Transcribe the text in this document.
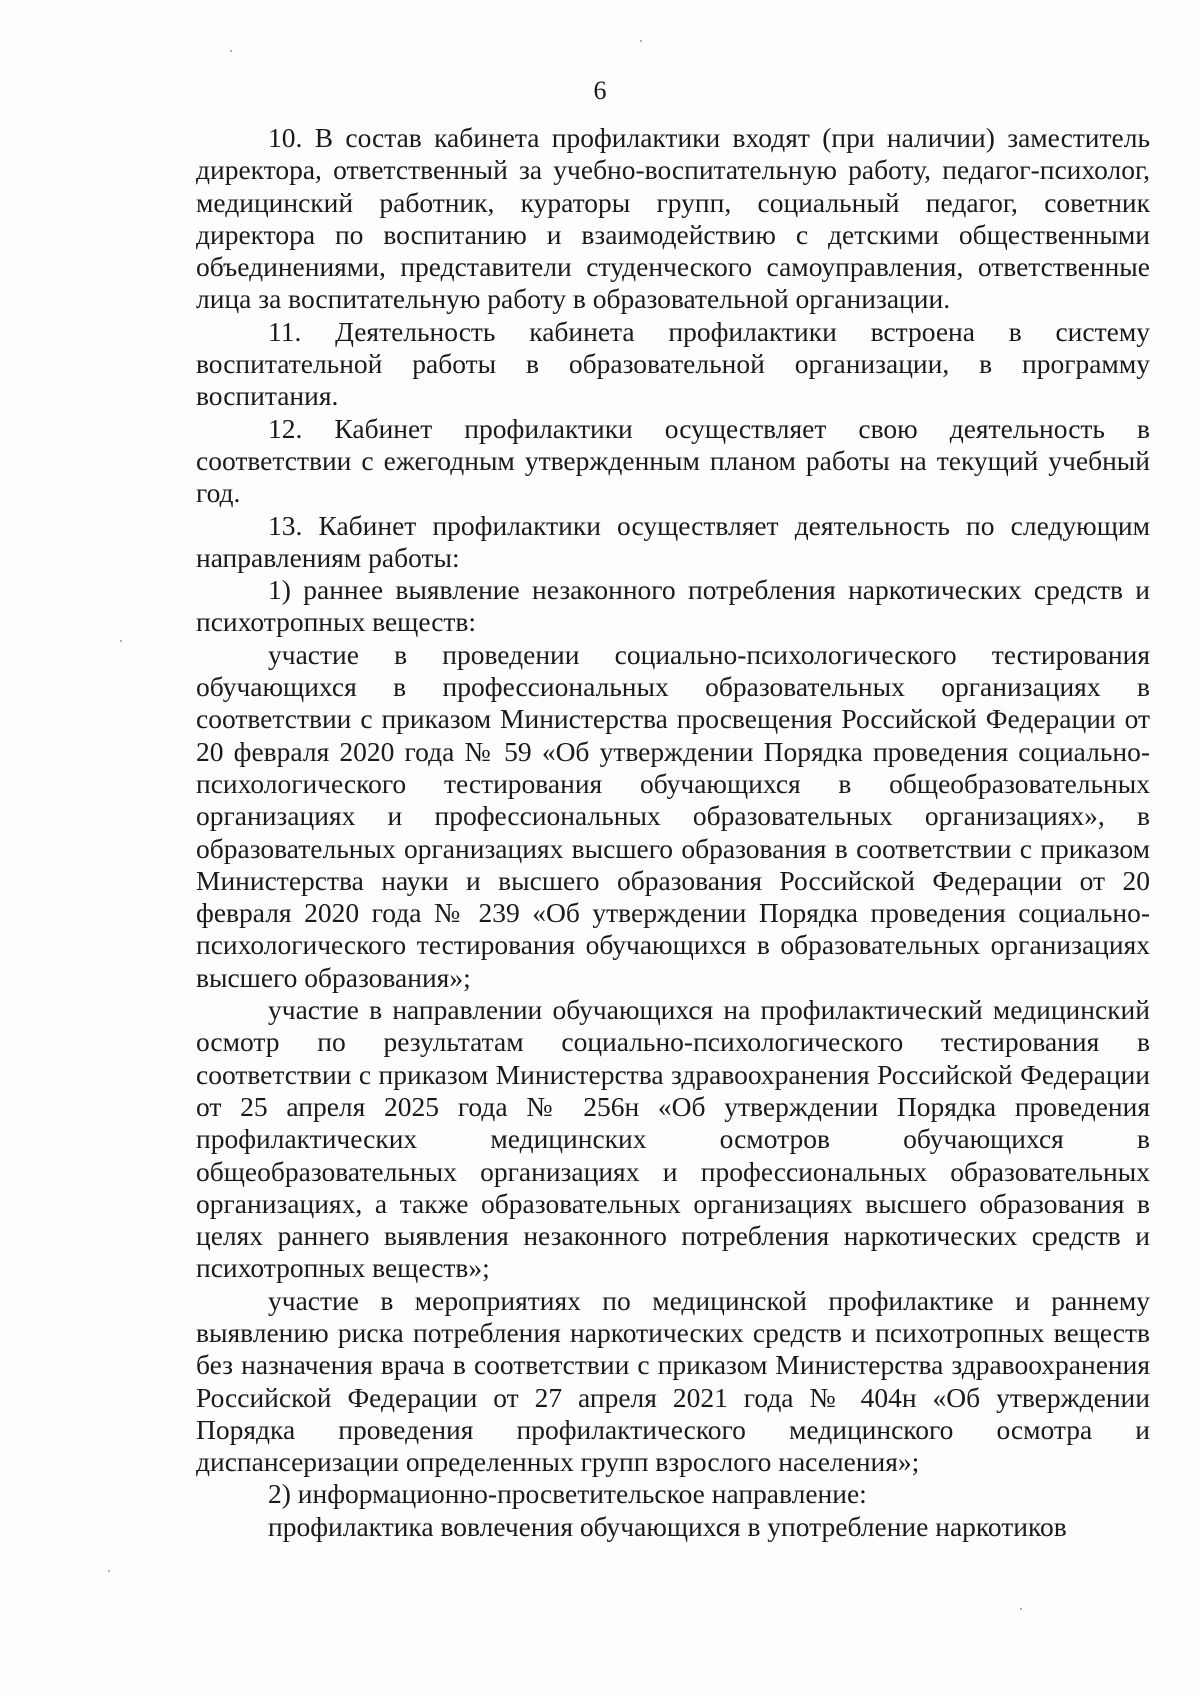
6

10. В состав кабинета профилактики входят (при наличии) заместитель директора, ответственный за учебно-воспитательную работу, педагог-психолог, медицинский работник, кураторы групп, социальный педагог, советник директора по воспитанию и взаимодействию с детскими общественными объединениями, представители студенческого самоуправления, ответственные лица за воспитательную работу в образовательной организации.

11. Деятельность кабинета профилактики встроена в систему воспитательной работы в образовательной организации, в программу воспитания.

12. Кабинет профилактики осуществляет свою деятельность в соответствии с ежегодным утвержденным планом работы на текущий учебный год.

13. Кабинет профилактики осуществляет деятельность по следующим направлениям работы:

1) раннее выявление незаконного потребления наркотических средств и психотропных веществ:

участие в проведении социально-психологического тестирования обучающихся в профессиональных образовательных организациях в соответствии с приказом Министерства просвещения Российской Федерации от 20 февраля 2020 года № 59 «Об утверждении Порядка проведения социально-психологического тестирования обучающихся в общеобразовательных организациях и профессиональных образовательных организациях», в образовательных организациях высшего образования в соответствии с приказом Министерства науки и высшего образования Российской Федерации от 20 февраля 2020 года № 239 «Об утверждении Порядка проведения социально-психологического тестирования обучающихся в образовательных организациях высшего образования»;

участие в направлении обучающихся на профилактический медицинский осмотр по результатам социально-психологического тестирования в соответствии с приказом Министерства здравоохранения Российской Федерации от 25 апреля 2025 года № 256н «Об утверждении Порядка проведения профилактических медицинских осмотров обучающихся в общеобразовательных организациях и профессиональных образовательных организациях, а также образовательных организациях высшего образования в целях раннего выявления незаконного потребления наркотических средств и психотропных веществ»;

участие в мероприятиях по медицинской профилактике и раннему выявлению риска потребления наркотических средств и психотропных веществ без назначения врача в соответствии с приказом Министерства здравоохранения Российской Федерации от 27 апреля 2021 года № 404н «Об утверждении Порядка проведения профилактического медицинского осмотра и диспансеризации определенных групп взрослого населения»;

2) информационно-просветительское направление:

профилактика вовлечения обучающихся в употребление наркотиков
